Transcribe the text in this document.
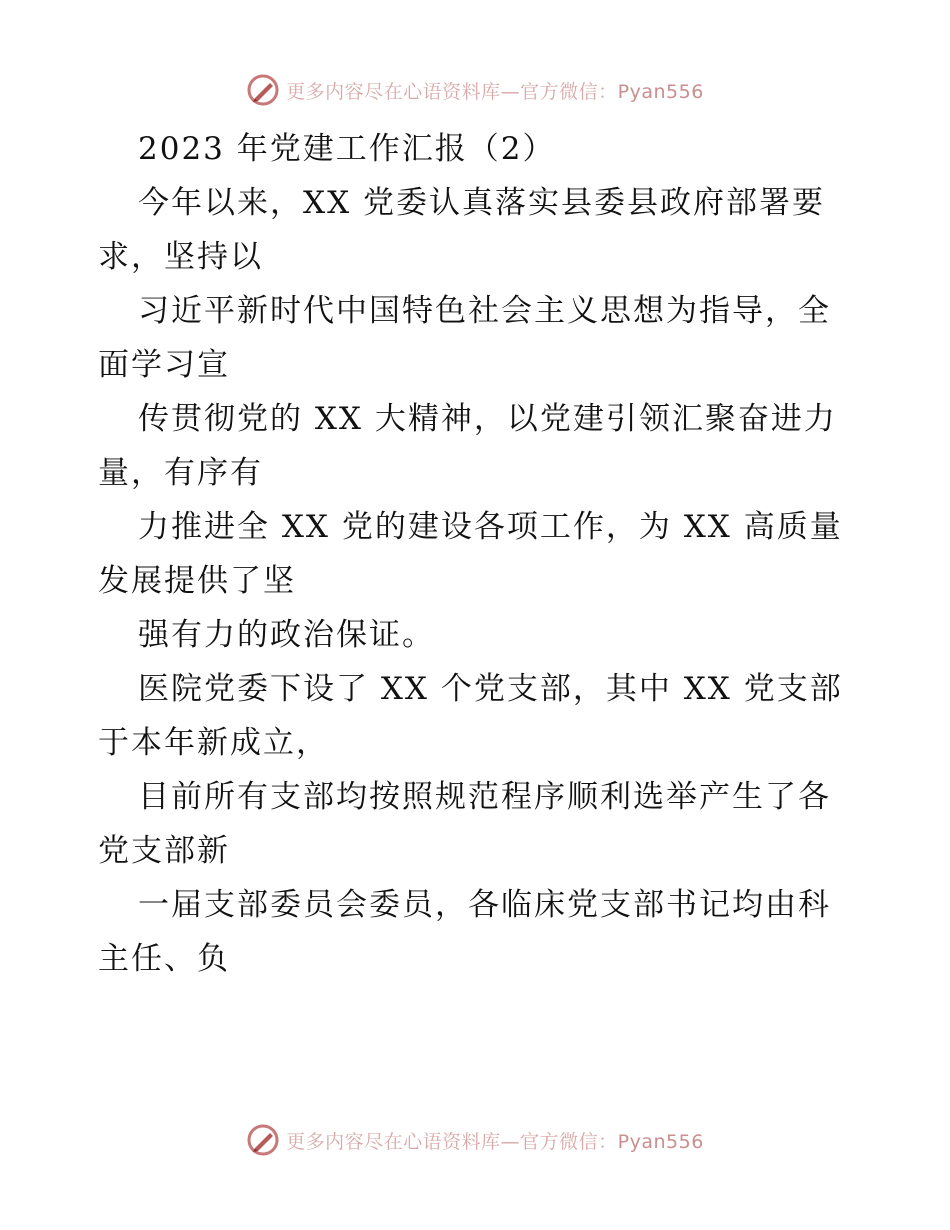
更多内容尽在心语资料库—官方微信：Pyan556
2023 年党建工作汇报（2）
今年以来，XX 党委认真落实县委县政府部署要
求，坚持以
习近平新时代中国特色社会主义思想为指导，全
面学习宣
传贯彻党的 XX 大精神，以党建引领汇聚奋进力
量，有序有
力推进全 XX 党的建设各项工作，为 XX 高质量
发展提供了坚
强有力的政治保证。
医院党委下设了 XX 个党支部，其中 XX 党支部
于本年新成立，
目前所有支部均按照规范程序顺利选举产生了各
党支部新
一届支部委员会委员，各临床党支部书记均由科
主任、负
更多内容尽在心语资料库—官方微信：Pyan556
